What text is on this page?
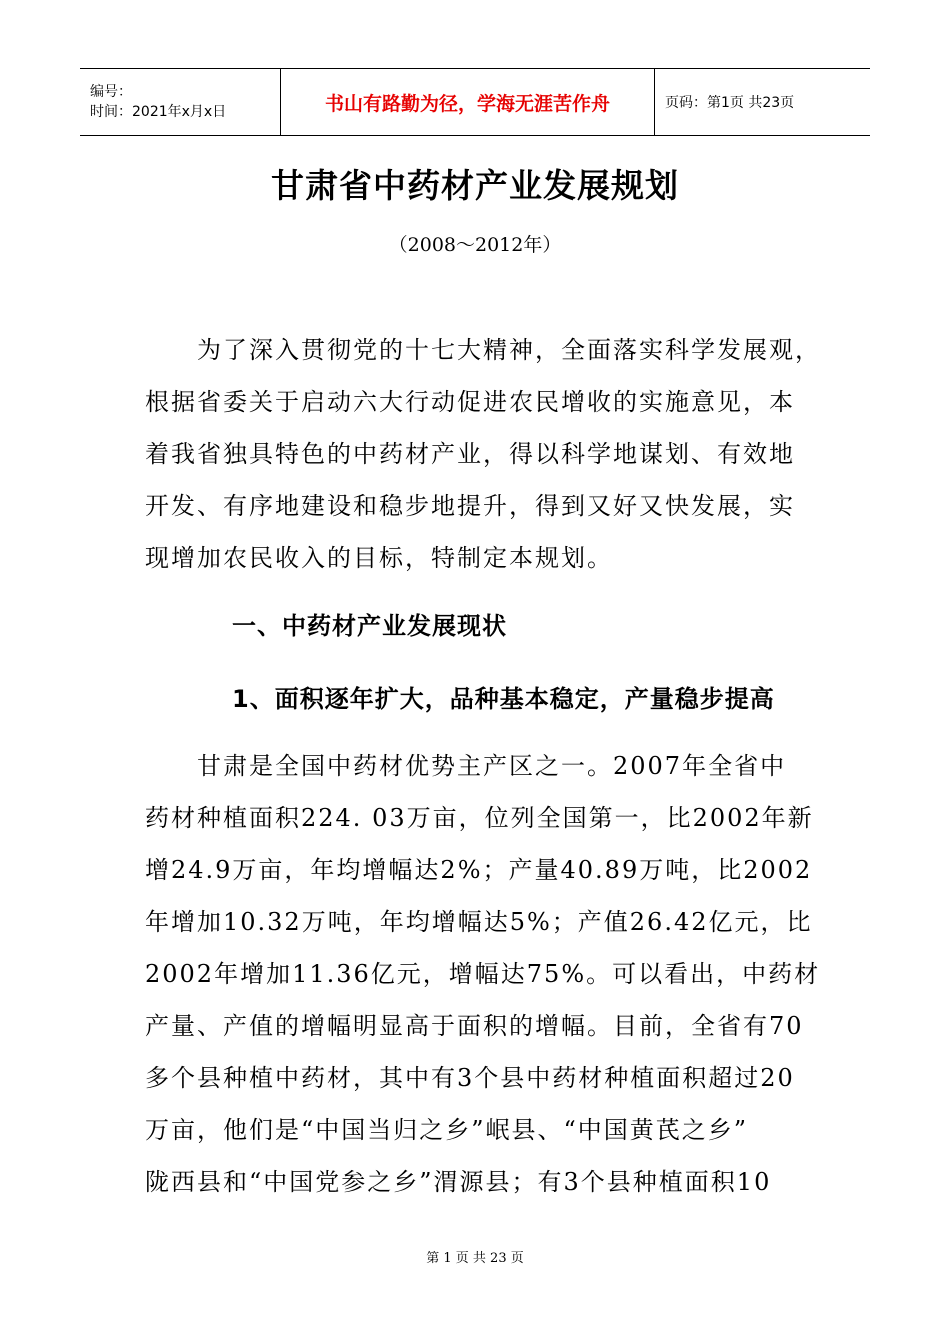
编号：
时间：2021年x月x日	书山有路勤为径，学海无涯苦作舟	页码：第1页 共23页
甘肃省中药材产业发展规划
（2008～2012年）
　　为了深入贯彻党的十七大精神，全面落实科学发展观，
根据省委关于启动六大行动促进农民增收的实施意见，本
着我省独具特色的中药材产业，得以科学地谋划、有效地
开发、有序地建设和稳步地提升，得到又好又快发展，实
现增加农民收入的目标，特制定本规划。
一、中药材产业发展现状
1、面积逐年扩大，品种基本稳定，产量稳步提高
　　甘肃是全国中药材优势主产区之一。2007年全省中
药材种植面积224. 03万亩，位列全国第一，比2002年新
增24.9万亩，年均增幅达2%；产量40.89万吨，比2002
年增加10.32万吨，年均增幅达5%；产值26.42亿元，比
2002年增加11.36亿元，增幅达75%。可以看出，中药材
产量、产值的增幅明显高于面积的增幅。目前，全省有70
多个县种植中药材，其中有3个县中药材种植面积超过20
万亩，他们是“中国当归之乡”岷县、“中国黄芪之乡”
陇西县和“中国党参之乡”渭源县；有3个县种植面积10
第 1 页 共 23 页
